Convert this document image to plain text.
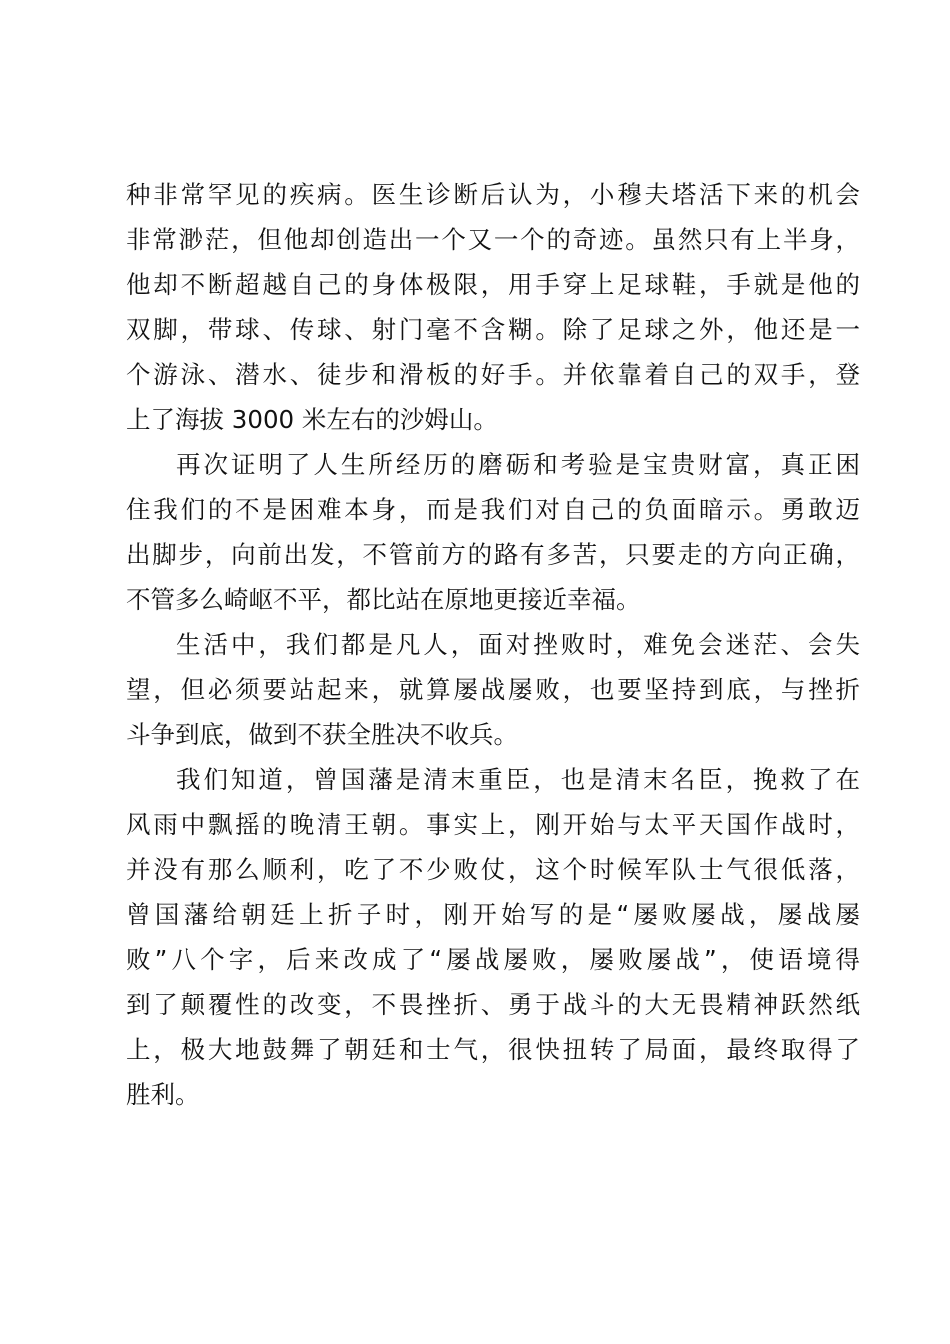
种非常罕见的疾病。医生诊断后认为，小穆夫塔活下来的机会
非常渺茫，但他却创造出一个又一个的奇迹。虽然只有上半身，
他却不断超越自己的身体极限，用手穿上足球鞋，手就是他的
双脚，带球、传球、射门毫不含糊。除了足球之外，他还是一
个游泳、潜水、徒步和滑板的好手。并依靠着自己的双手，登
上了海拔 3000 米左右的沙姆山。
再次证明了人生所经历的磨砺和考验是宝贵财富，真正困
住我们的不是困难本身，而是我们对自己的负面暗示。勇敢迈
出脚步，向前出发，不管前方的路有多苦，只要走的方向正确，
不管多么崎岖不平，都比站在原地更接近幸福。
生活中，我们都是凡人，面对挫败时，难免会迷茫、会失
望，但必须要站起来，就算屡战屡败，也要坚持到底，与挫折
斗争到底，做到不获全胜决不收兵。
我们知道，曾国藩是清末重臣，也是清末名臣，挽救了在
风雨中飘摇的晚清王朝。事实上，刚开始与太平天国作战时，
并没有那么顺利，吃了不少败仗，这个时候军队士气很低落，
曾国藩给朝廷上折子时，刚开始写的是“屡败屡战，屡战屡
败”八个字，后来改成了“屡战屡败，屡败屡战”，使语境得
到了颠覆性的改变，不畏挫折、勇于战斗的大无畏精神跃然纸
上，极大地鼓舞了朝廷和士气，很快扭转了局面，最终取得了
胜利。
